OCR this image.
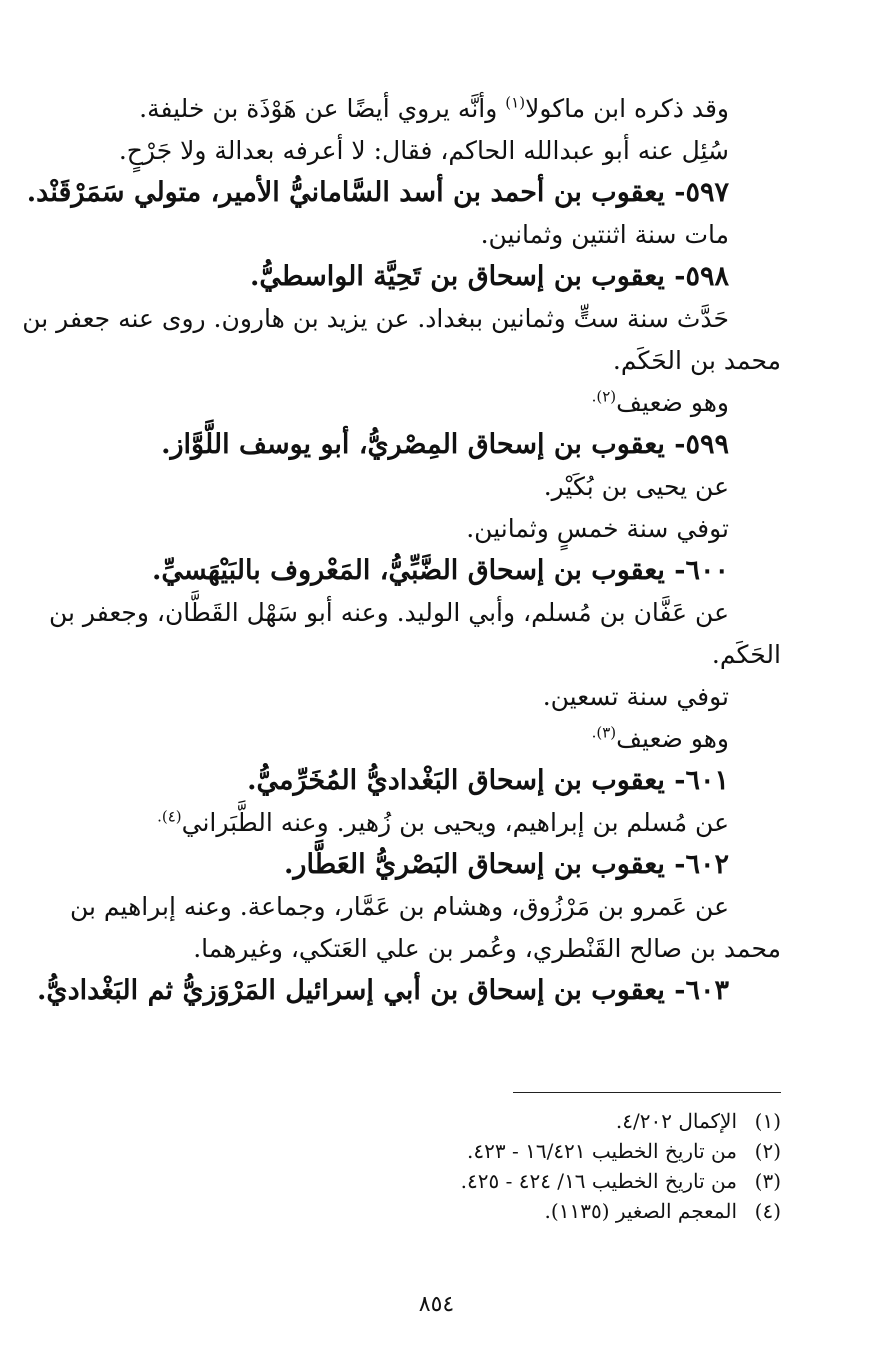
وقد ذكره ابن ماكولا$^{(١)}$ وأنَّه يروي أيضًا عن هَوْذَة بن خليفة.
سُئِل عنه أبو عبدالله الحاكم، فقال: لا أعرفه بعدالة ولا جَرْحٍ.
٥٩٧- يعقوب بن أحمد بن أسد السَّامانيُّ الأمير، متولي سَمَرْقَنْد.
مات سنة اثنتين وثمانين.
٥٩٨- يعقوب بن إسحاق بن تَحِيَّة الواسطيُّ.
حَدَّث سنة ستٍّ وثمانين ببغداد. عن يزيد بن هارون. روى عنه جعفر بن
محمد بن الحَكَم.
وهو ضعيف$^{(٢).}$
٥٩٩- يعقوب بن إسحاق المِصْريُّ، أبو يوسف اللَّوَّاز.
عن يحيى بن بُكَيْر.
توفي سنة خمسٍ وثمانين.
٦٠٠- يعقوب بن إسحاق الضَّبِّيُّ، المَعْروف بالبَيْهَسيِّ.
عن عَفَّان بن مُسلم، وأبي الوليد. وعنه أبو سَهْل القَطَّان، وجعفر بن
الحَكَم.
توفي سنة تسعين.
وهو ضعيف$^{(٣).}$
٦٠١- يعقوب بن إسحاق البَغْداديُّ المُخَرِّميُّ.
عن مُسلم بن إبراهيم، ويحيى بن زُهير. وعنه الطَّبَراني$^{(٤).}$
٦٠٢- يعقوب بن إسحاق البَصْريُّ العَطَّار.
عن عَمرو بن مَرْزُوق، وهشام بن عَمَّار، وجماعة. وعنه إبراهيم بن
محمد بن صالح القَنْطري، وعُمر بن علي العَتكي، وغيرهما.
٦٠٣- يعقوب بن إسحاق بن أبي إسرائيل المَرْوَزيُّ ثم البَغْداديُّ.
(١)الإكمال ٤/٢٠٢.
(٢)من تاريخ الخطيب ١٦/٤٢١ - ٤٢٣.
(٣)من تاريخ الخطيب ١٦/ ٤٢٤ - ٤٢٥.
(٤)المعجم الصغير (١١٣٥).
٨٥٤
